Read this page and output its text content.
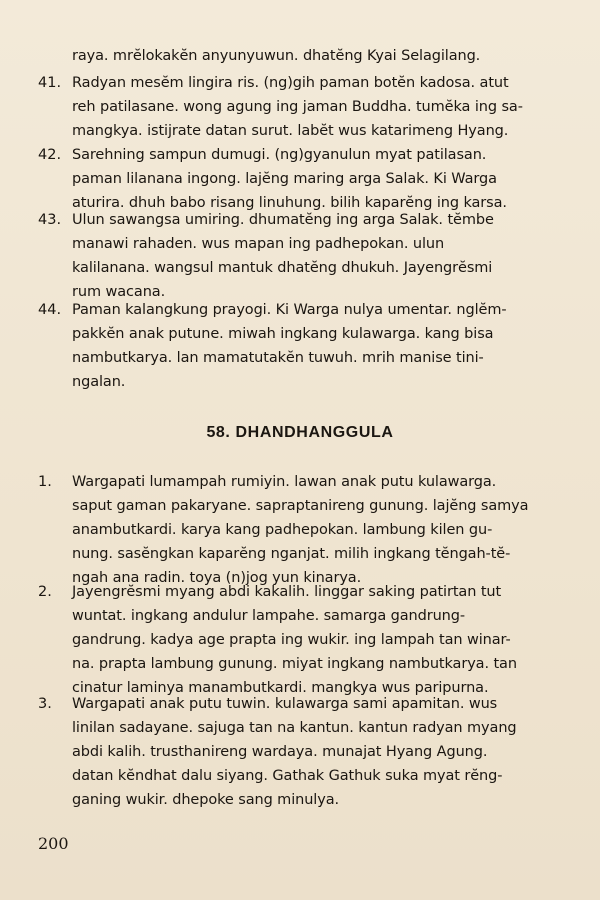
raya. mrĕlokakĕn anyunyuwun. dhatĕng Kyai Selagilang.
41. Radyan mesĕm lingira ris. (ng)gih paman botĕn kadosa. atut
reh patilasane. wong agung ing jaman Buddha. tumĕka ing sa-
mangkya. istijrate datan surut. labĕt wus katarimeng Hyang.
42. Sarehning sampun dumugi. (ng)gyanulun myat patilasan.
paman lilanana ingong. lajĕng maring arga Salak. Ki Warga
aturira. dhuh babo risang linuhung. bilih kaparĕng ing karsa.
43. Ulun sawangsa umiring. dhumatĕng ing arga Salak. tĕmbe
manawi rahaden. wus mapan ing padhepokan. ulun
kalilanana. wangsul mantuk dhatĕng dhukuh. Jayengrĕsmi
rum wacana.
44. Paman kalangkung prayogi. Ki Warga nulya umentar. nglĕm-
pakkĕn anak putune. miwah ingkang kulawarga. kang bisa
nambutkarya. lan mamatutakĕn tuwuh. mrih manise tini-
ngalan.
58. DHANDHANGGULA
1.	Wargapati lumampah rumiyin. lawan anak putu kulawarga.
saput gaman pakaryane. sapraptanireng gunung. lajĕng samya
anambutkardi. karya kang padhepokan. lambung kilen gu-
nung. sasĕngkan kaparĕng nganjat. milih ingkang tĕngah-tĕ-
ngah ana radin. toya (n)jog yun kinarya.
2.	Jayengrĕsmi myang abdi kakalih. linggar saking patirtan tut
wuntat. ingkang andulur lampahe. samarga gandrung-
gandrung. kadya age prapta ing wukir. ing lampah tan winar-
na. prapta lambung gunung. miyat ingkang nambutkarya. tan
cinatur laminya manambutkardi. mangkya wus paripurna.
3.	Wargapati anak putu tuwin. kulawarga sami apamitan. wus
linilan sadayane. sajuga tan na kantun. kantun radyan myang
abdi kalih. trusthanireng wardaya. munajat Hyang Agung.
datan kĕndhat dalu siyang. Gathak Gathuk suka myat rĕng-
ganing wukir. dhepoke sang minulya.
200
